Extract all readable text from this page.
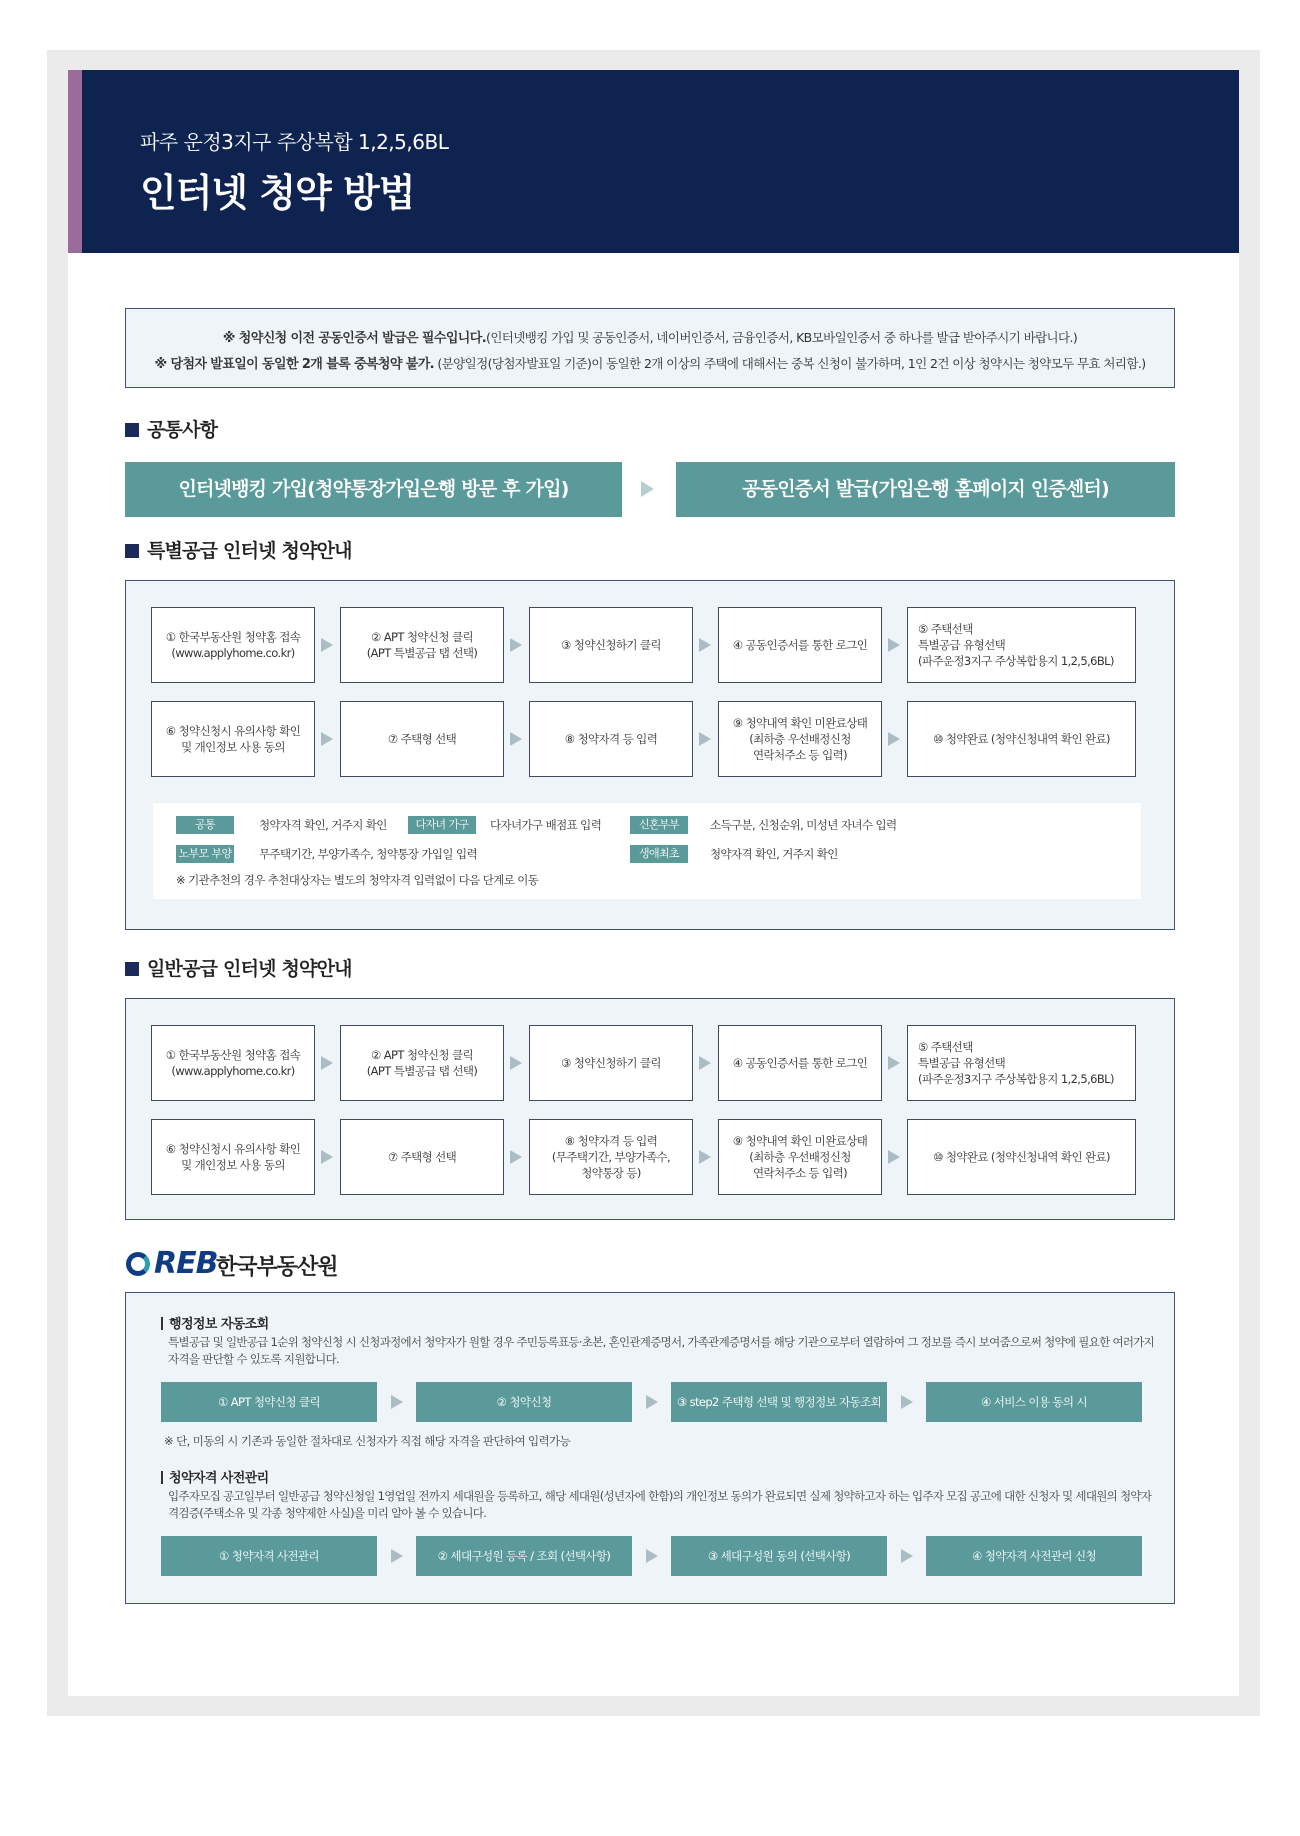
파주 운정3지구 주상복합 1,2,5,6BL
인터넷 청약 방법
※ 청약신청 이전 공동인증서 발급은 필수입니다.(인터넷뱅킹 가입 및 공동인증서, 네이버인증서, 금융인증서, KB모바일인증서 중 하나를 발급 받아주시기 바랍니다.)
※ 당첨자 발표일이 동일한 2개 블록 중복청약 불가. (분양일정(당첨자발표일 기준)이 동일한 2개 이상의 주택에 대해서는 중복 신청이 불가하며, 1인 2건 이상 청약시는 청약모두 무효 처리함.)
공통사항
인터넷뱅킹 가입(청약통장가입은행 방문 후 가입)	공동인증서 발급(가입은행 홈페이지 인증센터)
특별공급 인터넷 청약안내
① 한국부동산원 청약홈 접속
(www.applyhome.co.kr)
② APT 청약신청 클릭
(APT 특별공급 탭 선택)
③ 청약신청하기 클릭	④ 공동인증서를 통한 로그인
⑤ 주택선택
특별공급 유형선택
(파주운정3지구 주상복합용지 1,2,5,6BL)
⑥ 청약신청시 유의사항 확인
및 개인정보 사용 동의
⑦ 주택형 선택	⑧ 청약자격 등 입력
⑨ 청약내역 확인 미완료상태
(최하층 우선배정신청
연락처주소 등 입력)
⑩ 청약완료 (청약신청내역 확인 완료)
공통	청약자격 확인, 거주지 확인	다자녀 가구	다자녀가구 배점표 입력	신혼부부	소득구분, 신청순위, 미성년 자녀수 입력
노부모 부양 무주택기간, 부양가족수, 청약통장 가입일 입력	생애최초	청약자격 확인, 거주지 확인
※ 기관추천의 경우 추천대상자는 별도의 청약자격 입력없이 다음 단계로 이동
일반공급 인터넷 청약안내
① 한국부동산원 청약홈 접속
(www.applyhome.co.kr)
② APT 청약신청 클릭
(APT 특별공급 탭 선택)
③ 청약신청하기 클릭	④ 공동인증서를 통한 로그인
⑤ 주택선택
특별공급 유형선택
(파주운정3지구 주상복합용지 1,2,5,6BL)
⑥ 청약신청시 유의사항 확인
및 개인정보 사용 동의
⑦ 주택형 선택
⑧ 청약자격 등 입력
(무주택기간, 부양가족수,
청약통장 등)
⑨ 청약내역 확인 미완료상태
(최하층 우선배정신청
연락처주소 등 입력)
⑩ 청약완료 (청약신청내역 확인 완료)
REB
한국부동산원
행정정보 자동조회
특별공급 및 일반공급 1순위 청약신청 시 신청과정에서 청약자가 원할 경우 주민등록표등·초본, 혼인관계증명서, 가족관계증명서를 해당 기관으로부터 열람하여 그 정보를 즉시 보여줌으로써 청약에 필요한 여러가지 자격을 판단할 수 있도록 지원합니다.
① APT 청약신청 클릭	② 청약신청	③ step2 주택형 선택 및 행정정보 자동조회	④ 서비스 이용 동의 시
※ 단, 미동의 시 기존과 동일한 절차대로 신청자가 직접 해당 자격을 판단하여 입력가능
청약자격 사전관리
입주자모집 공고일부터 일반공급 청약신청일 1영업일 전까지 세대원을 등록하고, 해당 세대원(성년자에 한함)의 개인정보 동의가 완료되면 실제 청약하고자 하는 입주자 모집 공고에 대한 신청자 및 세대원의 청약자격검증(주택소유 및 각종 청약제한 사실)을 미리 알아 볼 수 있습니다.
① 청약자격 사전관리	② 세대구성원 등록 / 조회 (선택사항)	③ 세대구성원 동의 (선택사항)	④ 청약자격 사전관리 신청
